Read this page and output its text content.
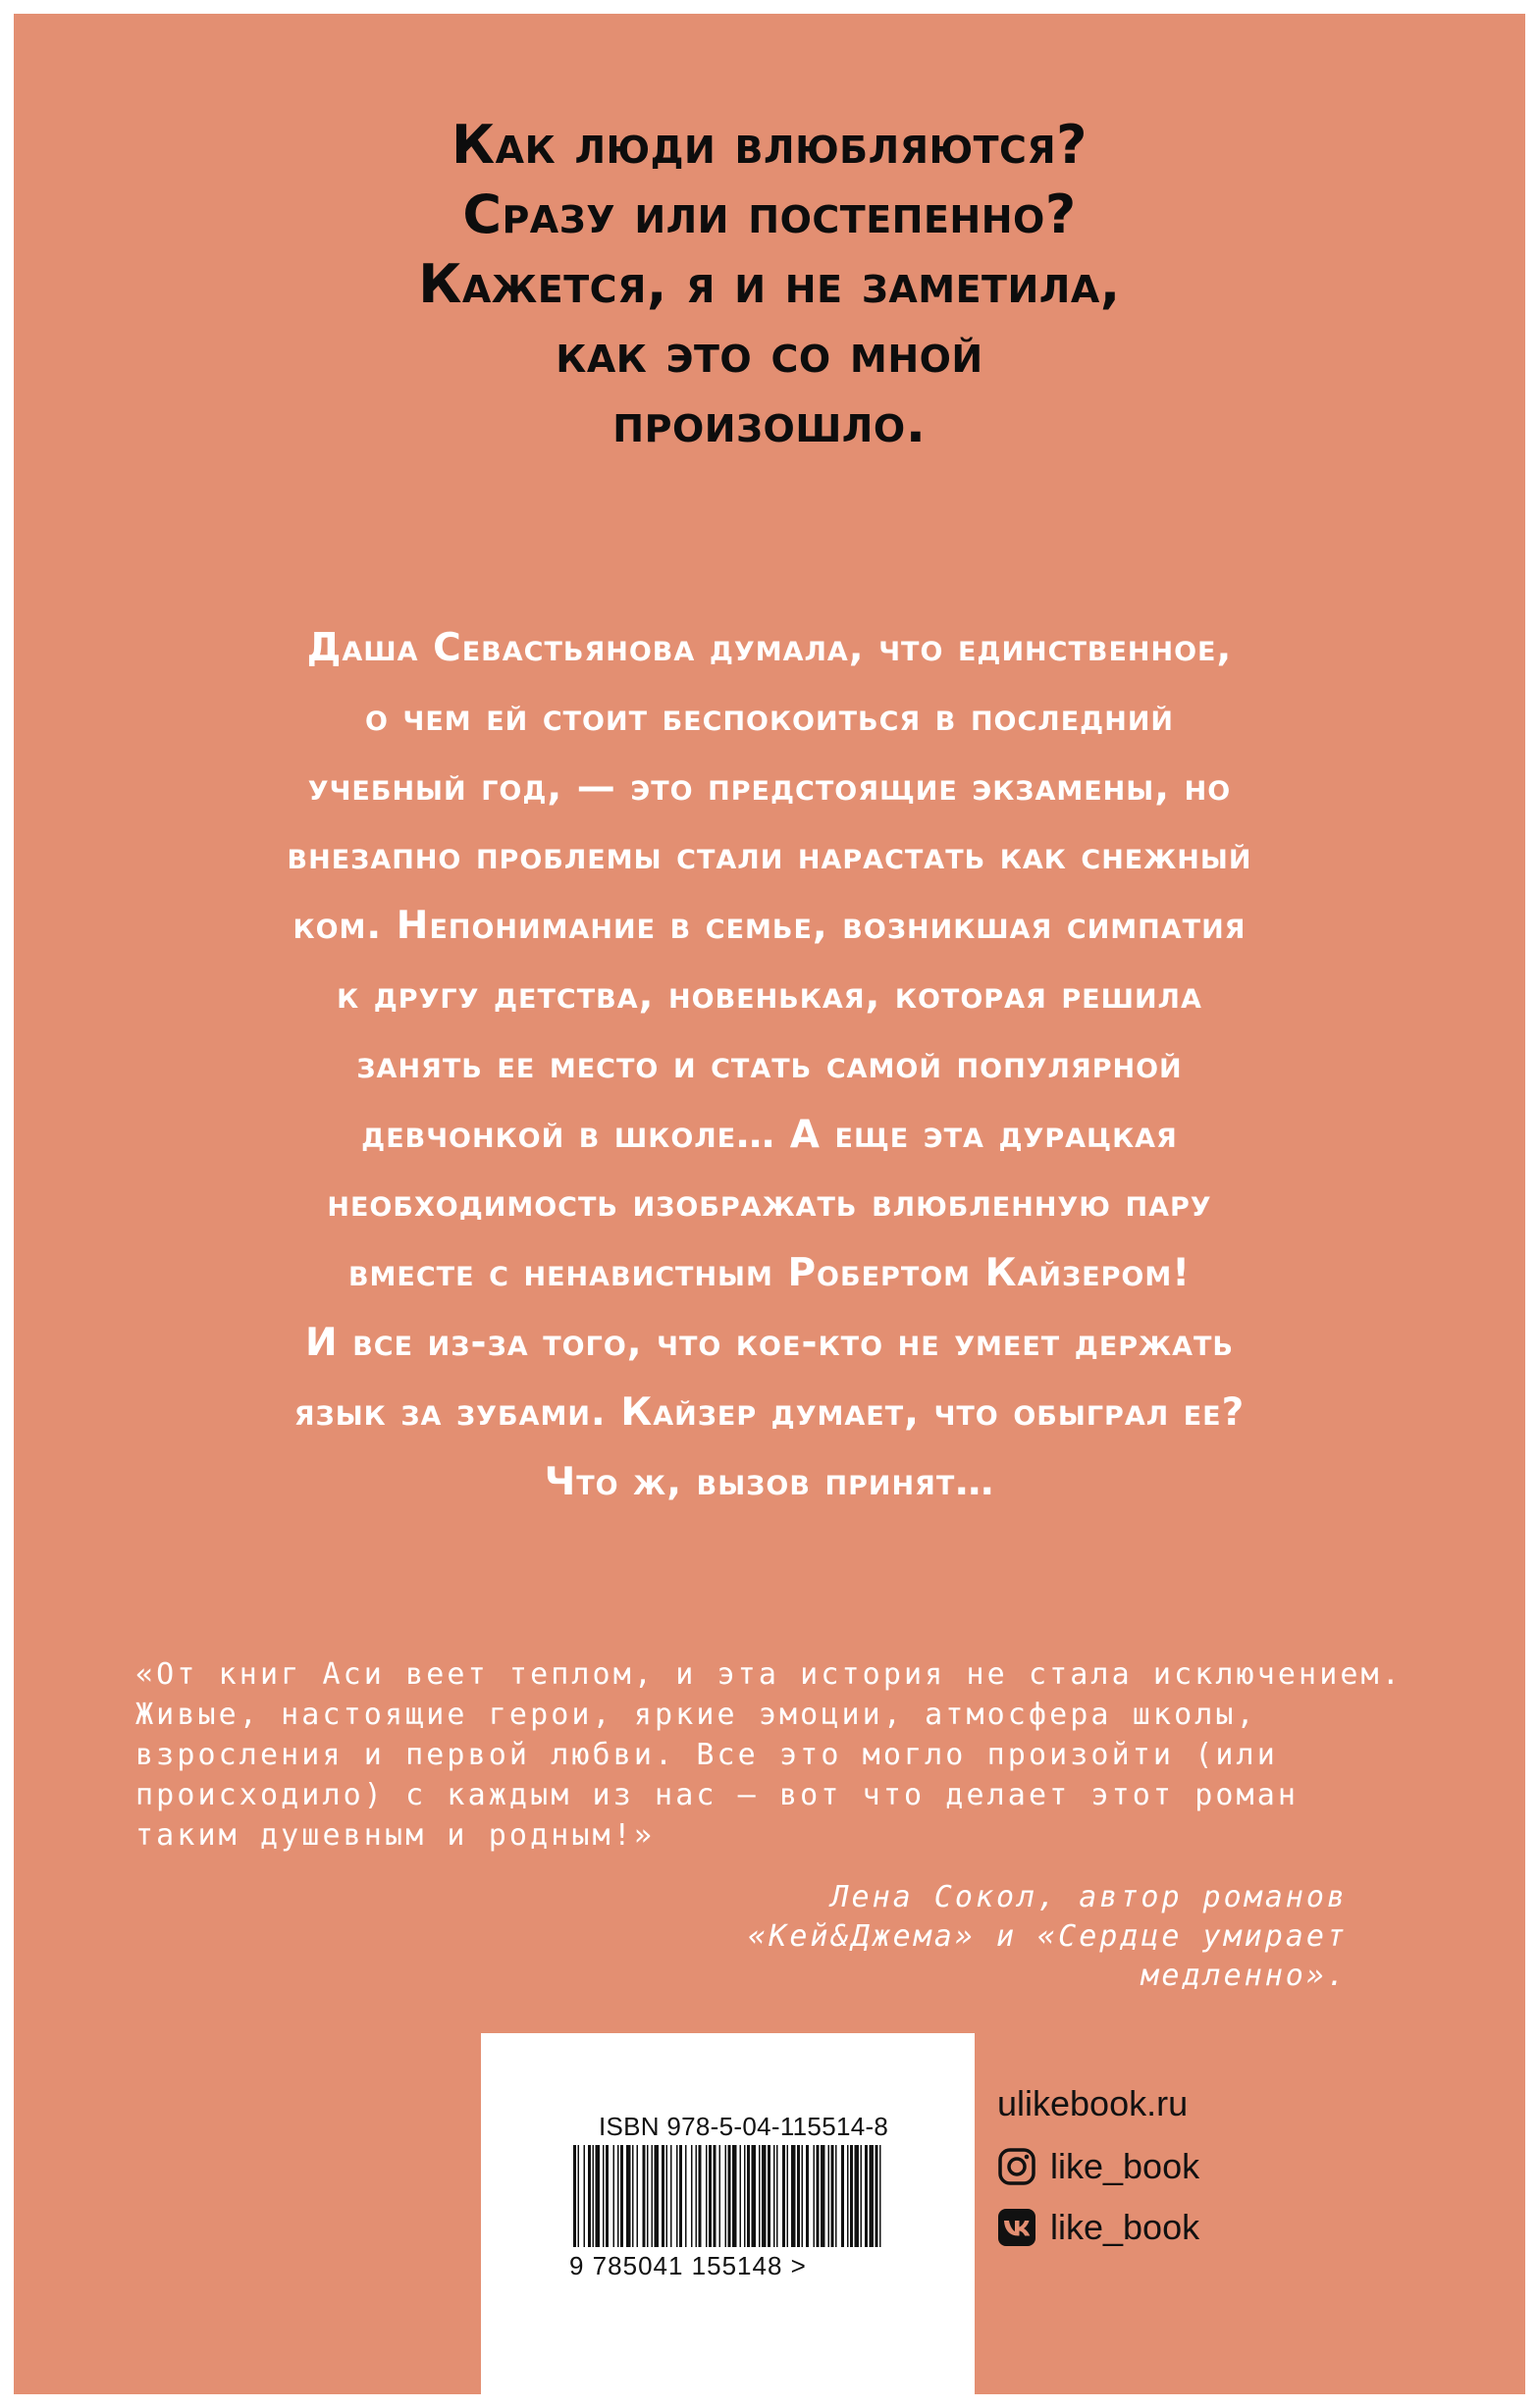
Как люди влюбляются?
Сразу или постепенно?
Кажется, я и не заметила,
как это со мной
произошло.
Даша Севастьянова думала, что единственное,
о чем ей стоит беспокоиться в последний
учебный год, — это предстоящие экзамены, но
внезапно проблемы стали нарастать как снежный
ком. Непонимание в семье, возникшая симпатия
к другу детства, новенькая, которая решила
занять ее место и стать самой популярной
девчонкой в школе… А еще эта дурацкая
необходимость изображать влюбленную пару
вместе с ненавистным Робертом Кайзером!
И все из-за того, что кое-кто не умеет держать
язык за зубами. Кайзер думает, что обыграл ее?
Что ж, вызов принят…
«От книг Аси веет теплом, и эта история не стала исключением.
Живые, настоящие герои, яркие эмоции, атмосфера школы,
взросления и первой любви. Все это могло произойти (или
происходило) с каждым из нас — вот что делает этот роман
таким душевным и родным!»
Лена Сокол, автор романов
«Кей&Джема» и «Сердце умирает
медленно».
ISBN 978-5-04-115514-8
9 785041 155148 >
ulikebook.ru
like_book
like_book
